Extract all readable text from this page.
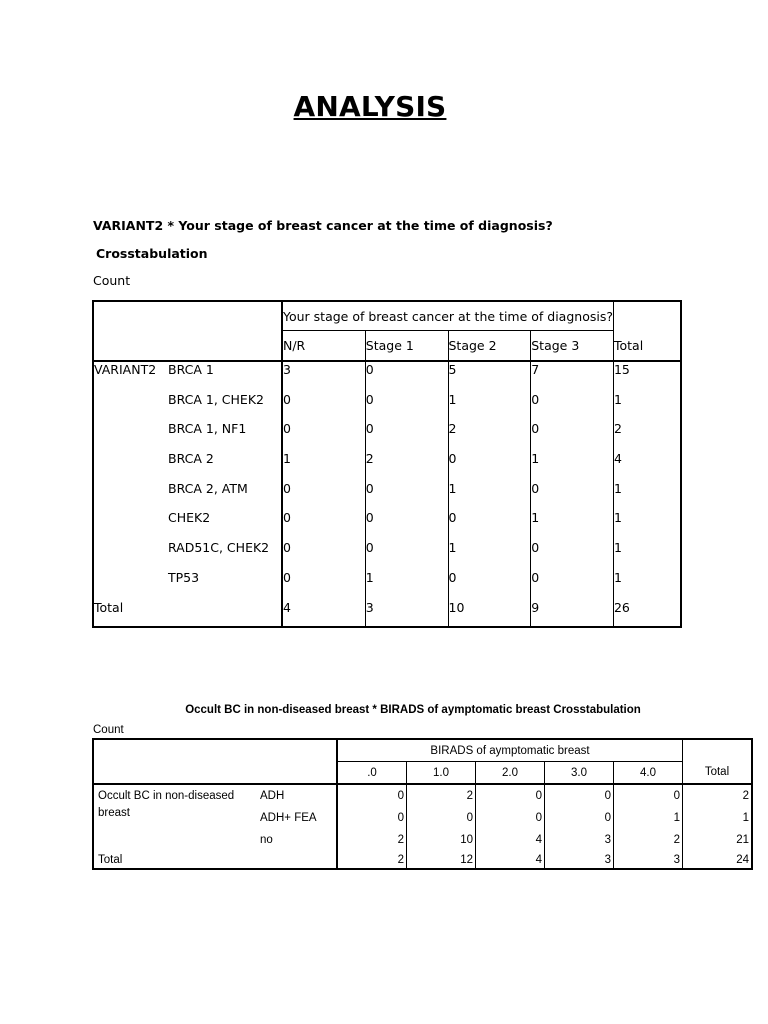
ANALYSIS
VARIANT2 * Your stage of breast cancer at the time of diagnosis?
Crosstabulation
Count
		Your stage of breast cancer at the time of diagnosis?				
		N/R	Stage 1	Stage 2	Stage 3	Total
VARIANT2	BRCA 1	3	0	5	7	15
	BRCA 1, CHEK2	0	0	1	0	1
	BRCA 1, NF1	0	0	2	0	2
	BRCA 2	1	2	0	1	4
	BRCA 2, ATM	0	0	1	0	1
	CHEK2	0	0	0	1	1
	RAD51C, CHEK2	0	0	1	0	1
	TP53	0	1	0	0	1
Total		4	3	10	9	26
Occult BC in non-diseased breast * BIRADS of aymptomatic breast Crosstabulation
Count
		BIRADS of aymptomatic breast					
		.0	1.0	2.0	3.0	4.0	Total
Occult BC in non-diseased	ADH	0	2	0	0	0	2
breast	ADH+ FEA	0	0	0	0	1	1
	no	2	10	4	3	2	21
Total		2	12	4	3	3	24
